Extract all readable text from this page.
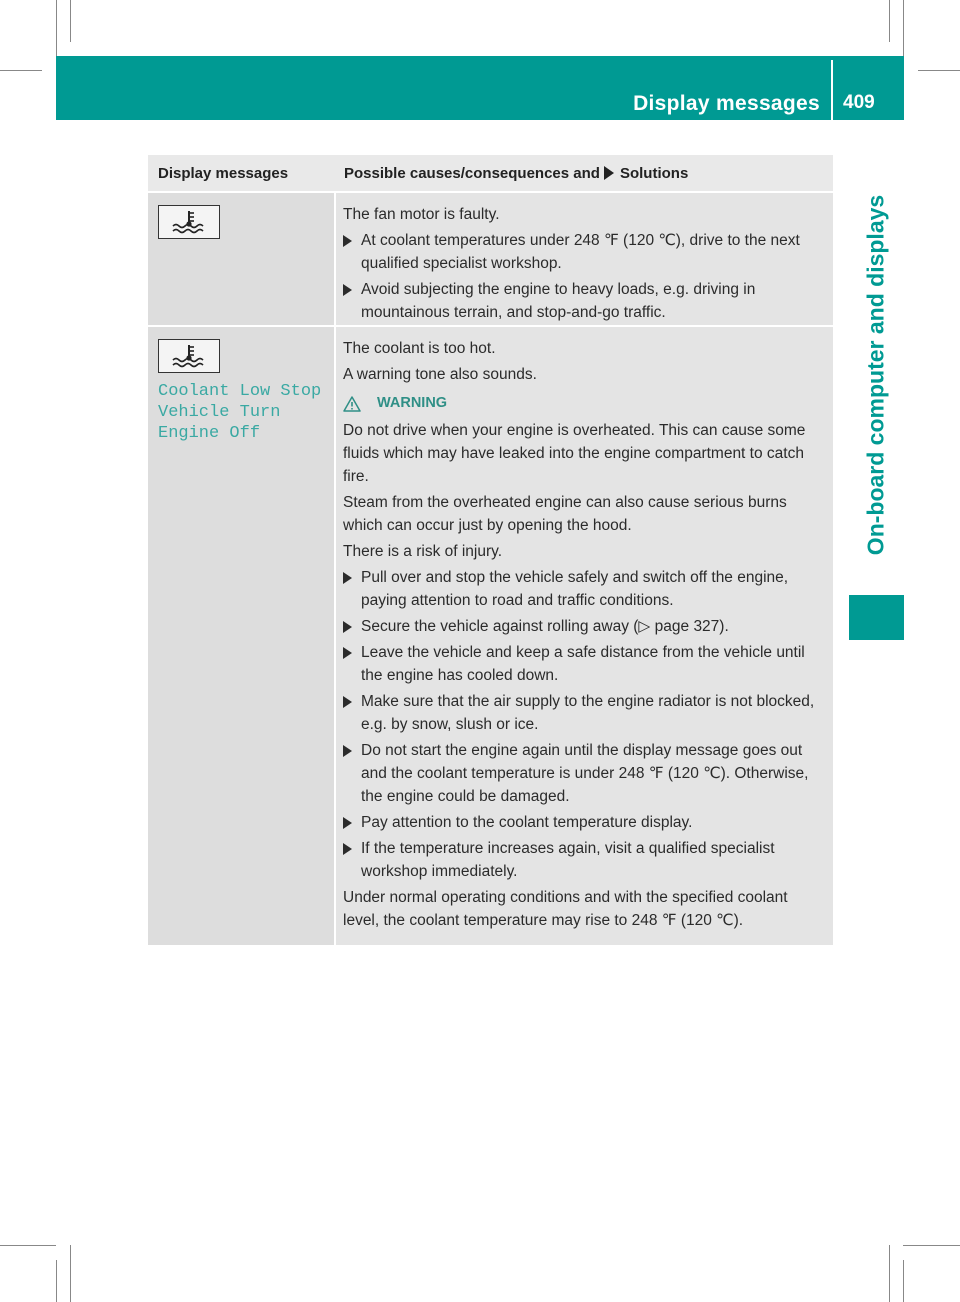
Display messages 409
On-board computer and displays
Display messages	Possible causes/consequences and Solutions

The fan motor is faulty.

At coolant temperatures under 248 ℉ (120 ℃), drive to the next qualified specialist workshop.
Avoid subjecting the engine to heavy loads, e.g. driving in mountainous terrain, and stop-and-go traffic.
Coolant Low Stop
Vehicle Turn
Engine Off

The coolant is too hot.

A warning tone also sounds.

WARNING

Do not drive when your engine is overheated. This can cause some fluids which may have leaked into the engine compartment to catch fire.

Steam from the overheated engine can also cause serious burns which can occur just by opening the hood.

There is a risk of injury.

Pull over and stop the vehicle safely and switch off the engine, paying attention to road and traffic conditions.
Secure the vehicle against rolling away (▷ page 327).
Leave the vehicle and keep a safe distance from the vehicle until the engine has cooled down.
Make sure that the air supply to the engine radiator is not blocked, e.g. by snow, slush or ice.
Do not start the engine again until the display message goes out and the coolant temperature is under 248 ℉ (120 ℃). Otherwise, the engine could be damaged.
Pay attention to the coolant temperature display.
If the temperature increases again, visit a qualified specialist workshop immediately.

Under normal operating conditions and with the specified coolant level, the coolant temperature may rise to 248 ℉ (120 ℃).
